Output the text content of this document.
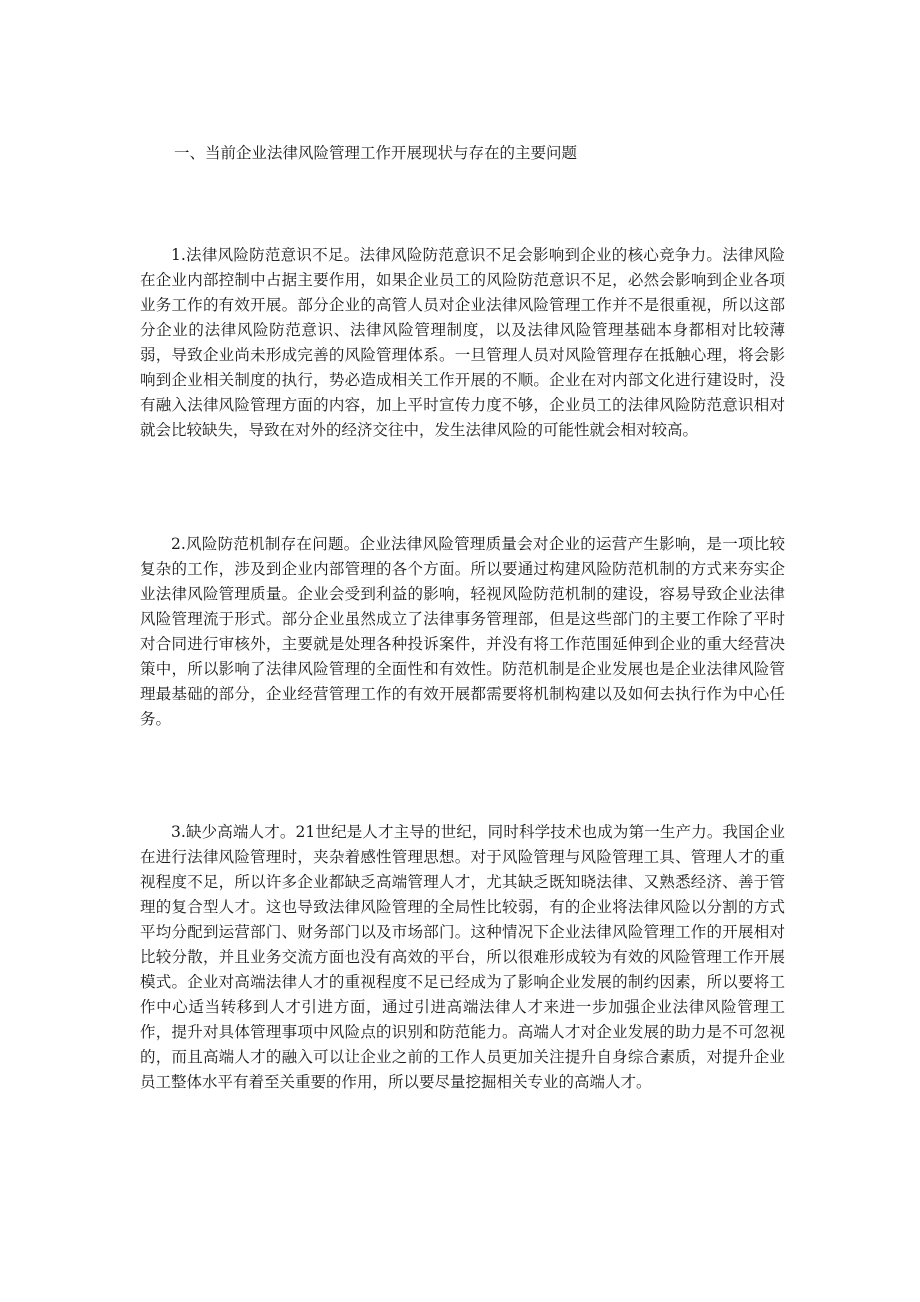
一、当前企业法律风险管理工作开展现状与存在的主要问题

1.法律风险防范意识不足。法律风险防范意识不足会影响到企业的核心竞争力。法律风险在企业内部控制中占据主要作用，如果企业员工的风险防范意识不足，必然会影响到企业各项业务工作的有效开展。部分企业的高管人员对企业法律风险管理工作并不是很重视，所以这部分企业的法律风险防范意识、法律风险管理制度，以及法律风险管理基础本身都相对比较薄弱，导致企业尚未形成完善的风险管理体系。一旦管理人员对风险管理存在抵触心理，将会影响到企业相关制度的执行，势必造成相关工作开展的不顺。企业在对内部文化进行建设时，没有融入法律风险管理方面的内容，加上平时宣传力度不够，企业员工的法律风险防范意识相对就会比较缺失，导致在对外的经济交往中，发生法律风险的可能性就会相对较高。

2.风险防范机制存在问题。企业法律风险管理质量会对企业的运营产生影响，是一项比较复杂的工作，涉及到企业内部管理的各个方面。所以要通过构建风险防范机制的方式来夯实企业法律风险管理质量。企业会受到利益的影响，轻视风险防范机制的建设，容易导致企业法律风险管理流于形式。部分企业虽然成立了法律事务管理部，但是这些部门的主要工作除了平时对合同进行审核外，主要就是处理各种投诉案件，并没有将工作范围延伸到企业的重大经营决策中，所以影响了法律风险管理的全面性和有效性。防范机制是企业发展也是企业法律风险管理最基础的部分，企业经营管理工作的有效开展都需要将机制构建以及如何去执行作为中心任务。

3.缺少高端人才。21世纪是人才主导的世纪，同时科学技术也成为第一生产力。我国企业在进行法律风险管理时，夹杂着感性管理思想。对于风险管理与风险管理工具、管理人才的重视程度不足，所以许多企业都缺乏高端管理人才，尤其缺乏既知晓法律、又熟悉经济、善于管理的复合型人才。这也导致法律风险管理的全局性比较弱，有的企业将法律风险以分割的方式平均分配到运营部门、财务部门以及市场部门。这种情况下企业法律风险管理工作的开展相对比较分散，并且业务交流方面也没有高效的平台，所以很难形成较为有效的风险管理工作开展模式。企业对高端法律人才的重视程度不足已经成为了影响企业发展的制约因素，所以要将工作中心适当转移到人才引进方面，通过引进高端法律人才来进一步加强企业法律风险管理工作，提升对具体管理事项中风险点的识别和防范能力。高端人才对企业发展的助力是不可忽视的，而且高端人才的融入可以让企业之前的工作人员更加关注提升自身综合素质，对提升企业员工整体水平有着至关重要的作用，所以要尽量挖掘相关专业的高端人才。
